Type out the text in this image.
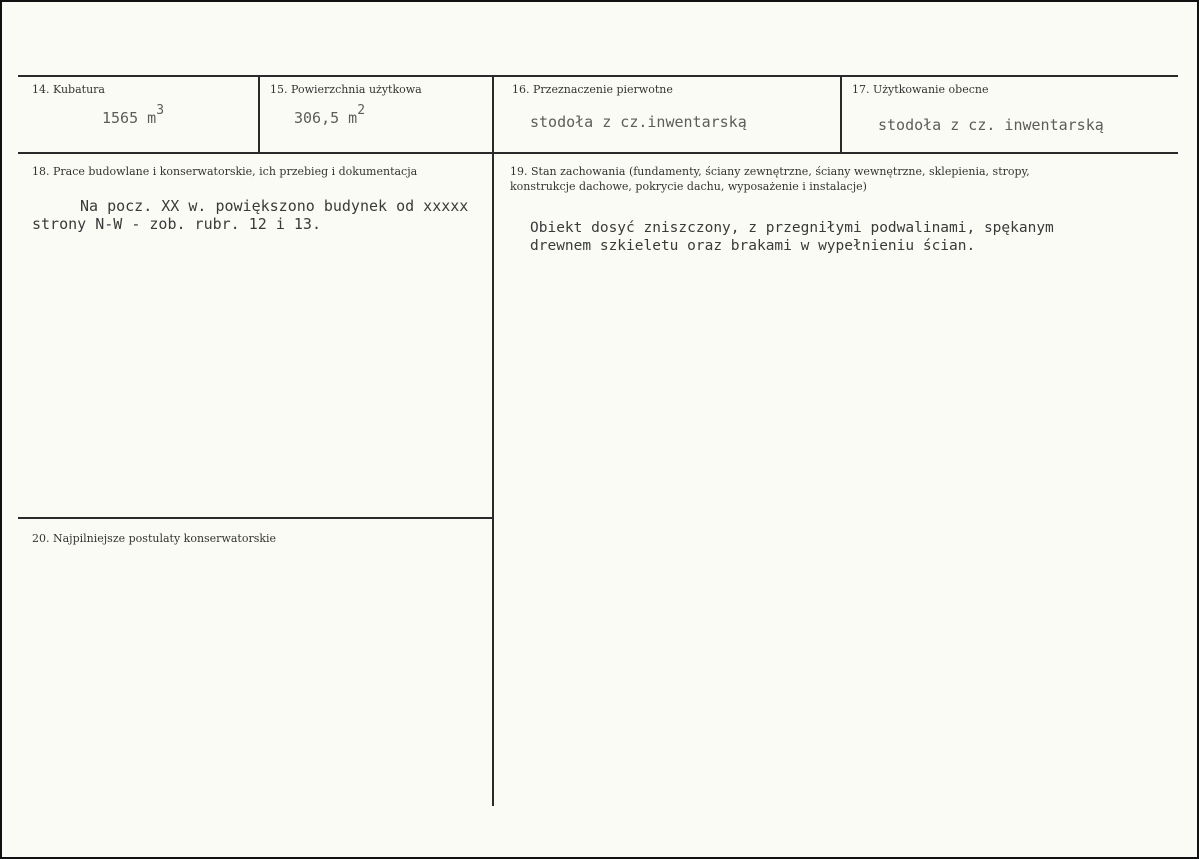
14. Kubatura
1565 m3
15. Powierzchnia użytkowa
306,5 m2
16. Przeznaczenie pierwotne
stodoła z cz.inwentarską
17. Użytkowanie obecne
stodoła z cz. inwentarską
18. Prace budowlane i konserwatorskie, ich przebieg i dokumentacja
Na pocz. XX w. powiększono budynek od xxxxx
strony N-W - zob. rubr. 12 i 13.
19. Stan zachowania (fundamenty, ściany zewnętrzne, ściany wewnętrzne, sklepienia, stropy,
konstrukcje dachowe, pokrycie dachu, wyposażenie i instalacje)
Obiekt dosyć zniszczony, z przegniłymi podwalinami, spękanym
drewnem szkieletu oraz brakami w wypełnieniu ścian.
20. Najpilniejsze postulaty konserwatorskie
